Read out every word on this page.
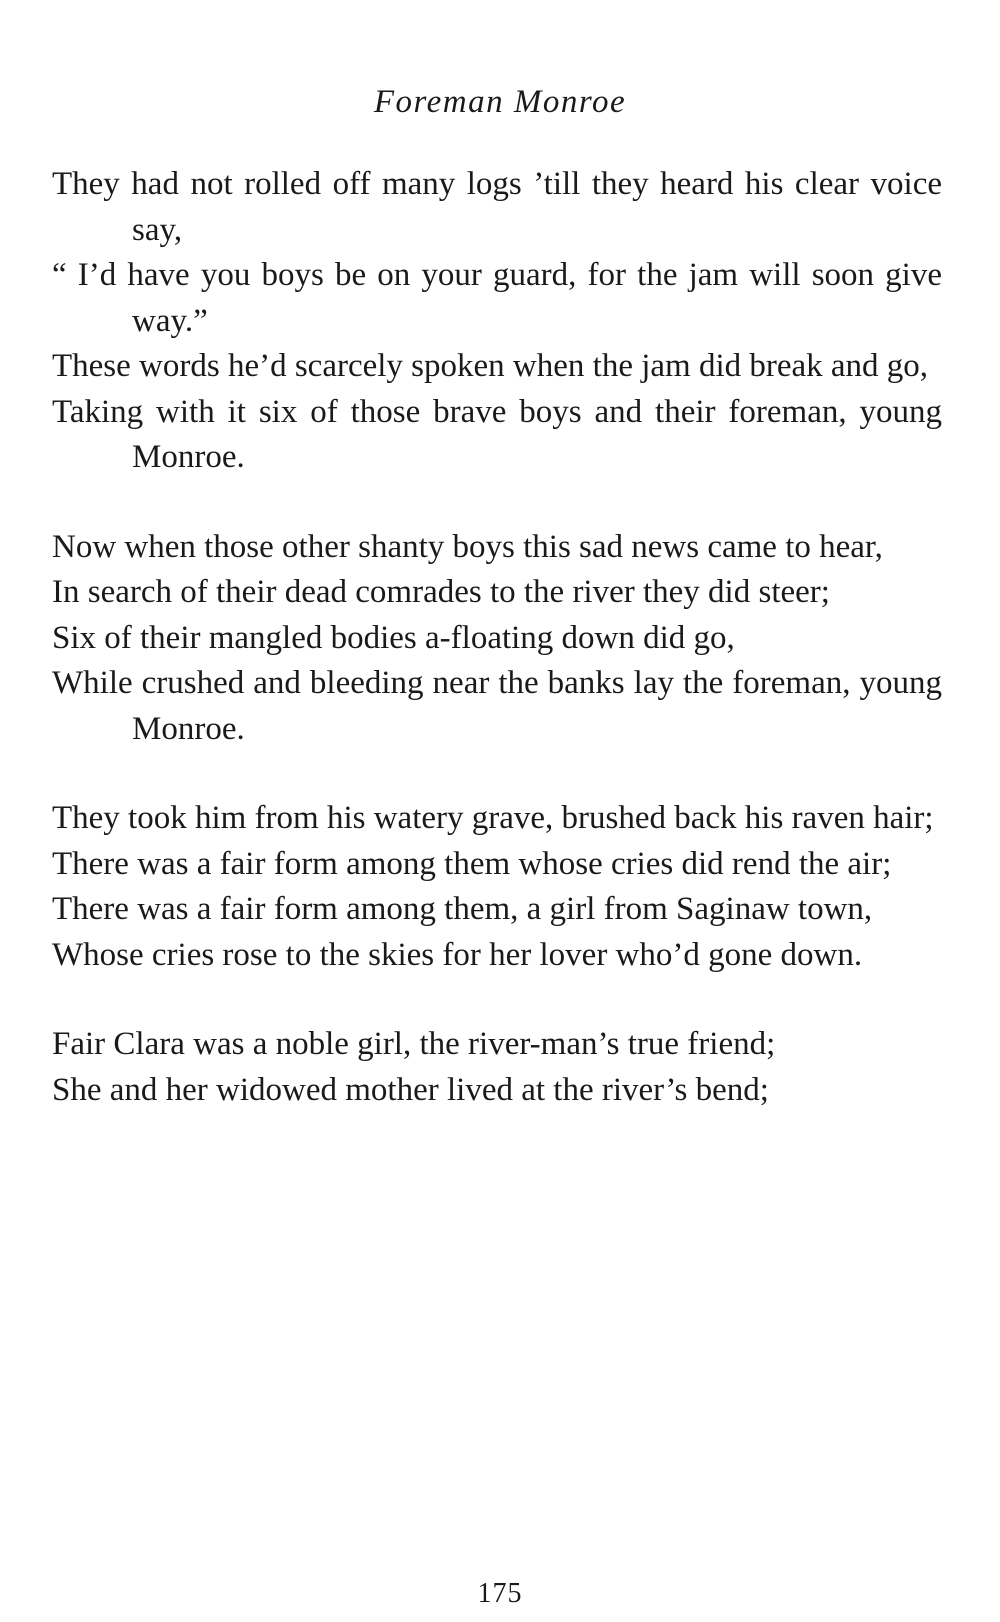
Foreman Monroe
They had not rolled off many logs ’till they heard his clear voice say,
“ I’d have you boys be on your guard, for the jam will soon give way.”
These words he’d scarcely spoken when the jam did break and go,
Taking with it six of those brave boys and their foreman, young Monroe.
Now when those other shanty boys this sad news came to hear,
In search of their dead comrades to the river they did steer;
Six of their mangled bodies a-floating down did go,
While crushed and bleeding near the banks lay the foreman, young Monroe.
They took him from his watery grave, brushed back his raven hair;
There was a fair form among them whose cries did rend the air;
There was a fair form among them, a girl from Saginaw town,
Whose cries rose to the skies for her lover who’d gone down.
Fair Clara was a noble girl, the river-man’s true friend;
She and her widowed mother lived at the river’s bend;
175
